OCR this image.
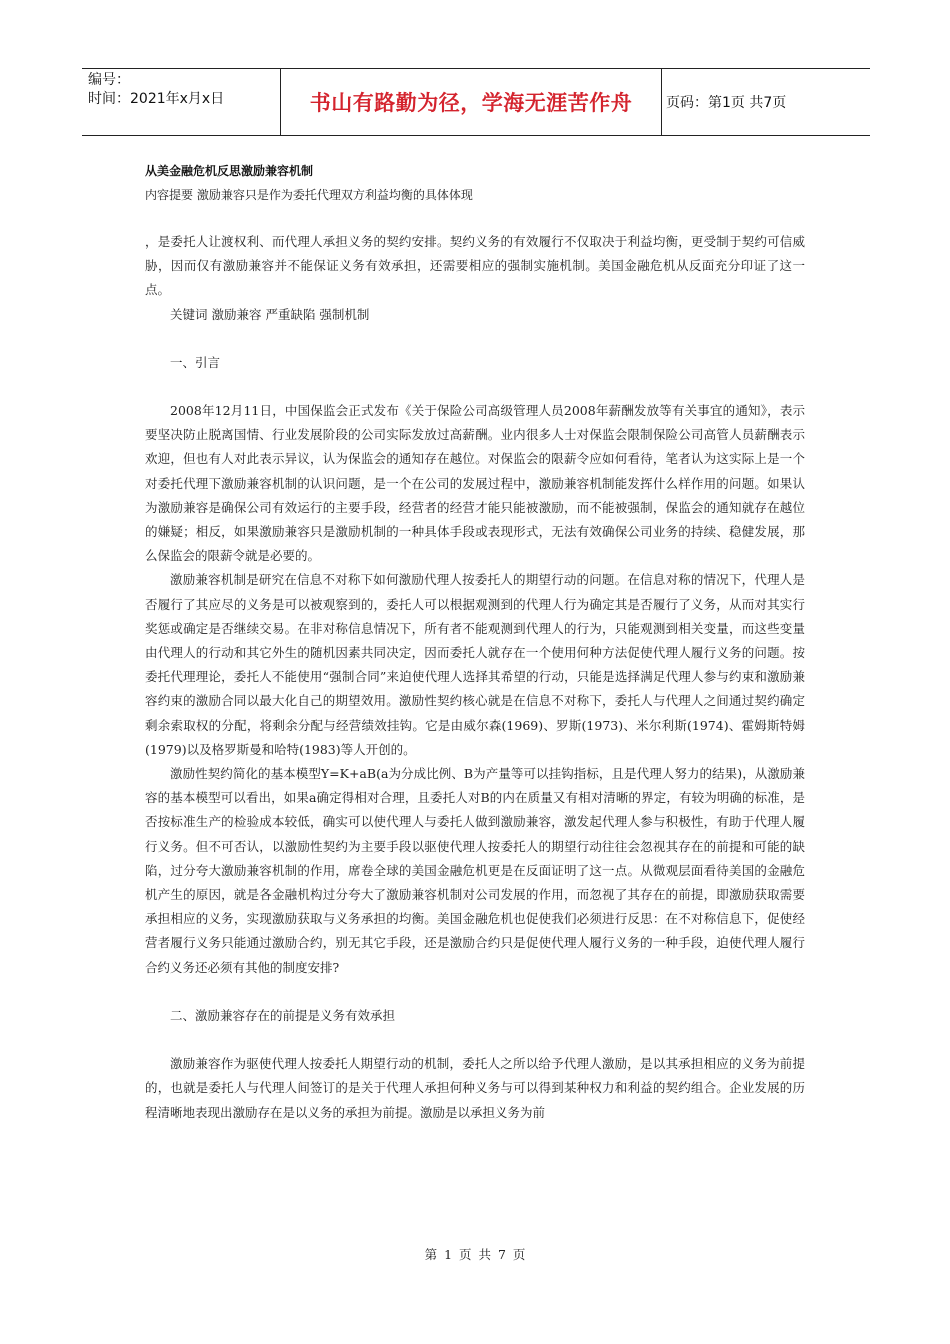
编号：
时间：2021年x月x日	书山有路勤为径，学海无涯苦作舟	页码：第1页 共7页
从美金融危机反思激励兼容机制
内容提要 激励兼容只是作为委托代理双方利益均衡的具体体现

，是委托人让渡权利、而代理人承担义务的契约安排。契约义务的有效履行不仅取决于利益均衡，更受制于契约可信威胁，因而仅有激励兼容并不能保证义务有效承担，还需要相应的强制实施机制。美国金融危机从反面充分印证了这一点。

关键词 激励兼容 严重缺陷 强制机制

一、引言

2008年12月11日，中国保监会正式发布《关于保险公司高级管理人员2008年薪酬发放等有关事宜的通知》，表示要坚决防止脱离国情、行业发展阶段的公司实际发放过高薪酬。业内很多人士对保监会限制保险公司高管人员薪酬表示欢迎，但也有人对此表示异议，认为保监会的通知存在越位。对保监会的限薪令应如何看待，笔者认为这实际上是一个对委托代理下激励兼容机制的认识问题，是一个在公司的发展过程中，激励兼容机制能发挥什么样作用的问题。如果认为激励兼容是确保公司有效运行的主要手段，经营者的经营才能只能被激励，而不能被强制，保监会的通知就存在越位的嫌疑；相反，如果激励兼容只是激励机制的一种具体手段或表现形式，无法有效确保公司业务的持续、稳健发展，那么保监会的限薪令就是必要的。

激励兼容机制是研究在信息不对称下如何激励代理人按委托人的期望行动的问题。在信息对称的情况下，代理人是否履行了其应尽的义务是可以被观察到的，委托人可以根据观测到的代理人行为确定其是否履行了义务，从而对其实行奖惩或确定是否继续交易。在非对称信息情况下，所有者不能观测到代理人的行为，只能观测到相关变量，而这些变量由代理人的行动和其它外生的随机因素共同决定，因而委托人就存在一个使用何种方法促使代理人履行义务的问题。按委托代理理论，委托人不能使用“强制合同”来迫使代理人选择其希望的行动，只能是选择满足代理人参与约束和激励兼容约束的激励合同以最大化自己的期望效用。激励性契约核心就是在信息不对称下，委托人与代理人之间通过契约确定剩余索取权的分配，将剩余分配与经营绩效挂钩。它是由威尔森(1969)、罗斯(1973)、米尔利斯(1974)、霍姆斯特姆(1979)以及格罗斯曼和哈特(1983)等人开创的。

激励性契约简化的基本模型Y=K+aB(a为分成比例、B为产量等可以挂钩指标，且是代理人努力的结果)，从激励兼容的基本模型可以看出，如果a确定得相对合理，且委托人对B的内在质量又有相对清晰的界定，有较为明确的标准，是否按标准生产的检验成本较低，确实可以使代理人与委托人做到激励兼容，激发起代理人参与积极性，有助于代理人履行义务。但不可否认，以激励性契约为主要手段以驱使代理人按委托人的期望行动往往会忽视其存在的前提和可能的缺陷，过分夸大激励兼容机制的作用，席卷全球的美国金融危机更是在反面证明了这一点。从微观层面看待美国的金融危机产生的原因，就是各金融机构过分夸大了激励兼容机制对公司发展的作用，而忽视了其存在的前提，即激励获取需要承担相应的义务，实现激励获取与义务承担的均衡。美国金融危机也促使我们必须进行反思：在不对称信息下，促使经营者履行义务只能通过激励合约，别无其它手段，还是激励合约只是促使代理人履行义务的一种手段，迫使代理人履行合约义务还必须有其他的制度安排?

二、激励兼容存在的前提是义务有效承担

激励兼容作为驱使代理人按委托人期望行动的机制，委托人之所以给予代理人激励，是以其承担相应的义务为前提的，也就是委托人与代理人间签订的是关于代理人承担何种义务与可以得到某种权力和利益的契约组合。企业发展的历程清晰地表现出激励存在是以义务的承担为前提。激励是以承担义务为前

第 1 页 共 7 页
